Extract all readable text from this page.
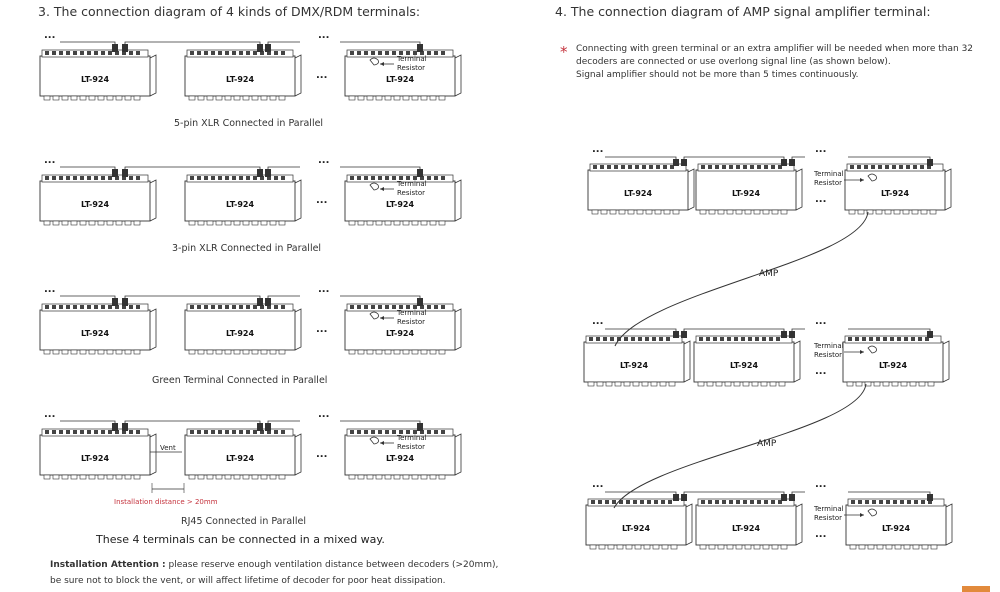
...
LT-924	LT-924	LT-924
...
...
Terminal
Resistor
...
LT-924	LT-924	LT-924
...
...
Terminal
Resistor
...
LT-924	LT-924	LT-924
...
...
Terminal
Resistor
...
LT-924	LT-924	LT-924
...
...
Terminal
Resistor
Vent
Installation distance > 20mm
LT-924	LT-924	LT-924
...	...
...
Terminal
Resistor
LT-924	LT-924	LT-924
...	...
...
Terminal
Resistor
LT-924	LT-924	LT-924
...	...
...
Terminal
Resistor
AMP
AMP
3. The connection diagram of 4 kinds of DMX/RDM terminals:	4. The connection diagram of AMP signal amplifier terminal:
5-pin XLR Connected in Parallel
3-pin XLR Connected in Parallel
Green Terminal Connected in Parallel
RJ45 Connected in Parallel
These 4 terminals can be connected in a mixed way.
Installation Attention : please reserve enough ventilation distance between decoders (>20mm),
be sure not to block the vent, or will affect lifetime of decoder for poor heat dissipation.
* Connecting with green terminal or an extra amplifier will be needed when more than 32
decoders are connected or use overlong signal line (as shown below).
Signal amplifier should not be more than 5 times continuously.
